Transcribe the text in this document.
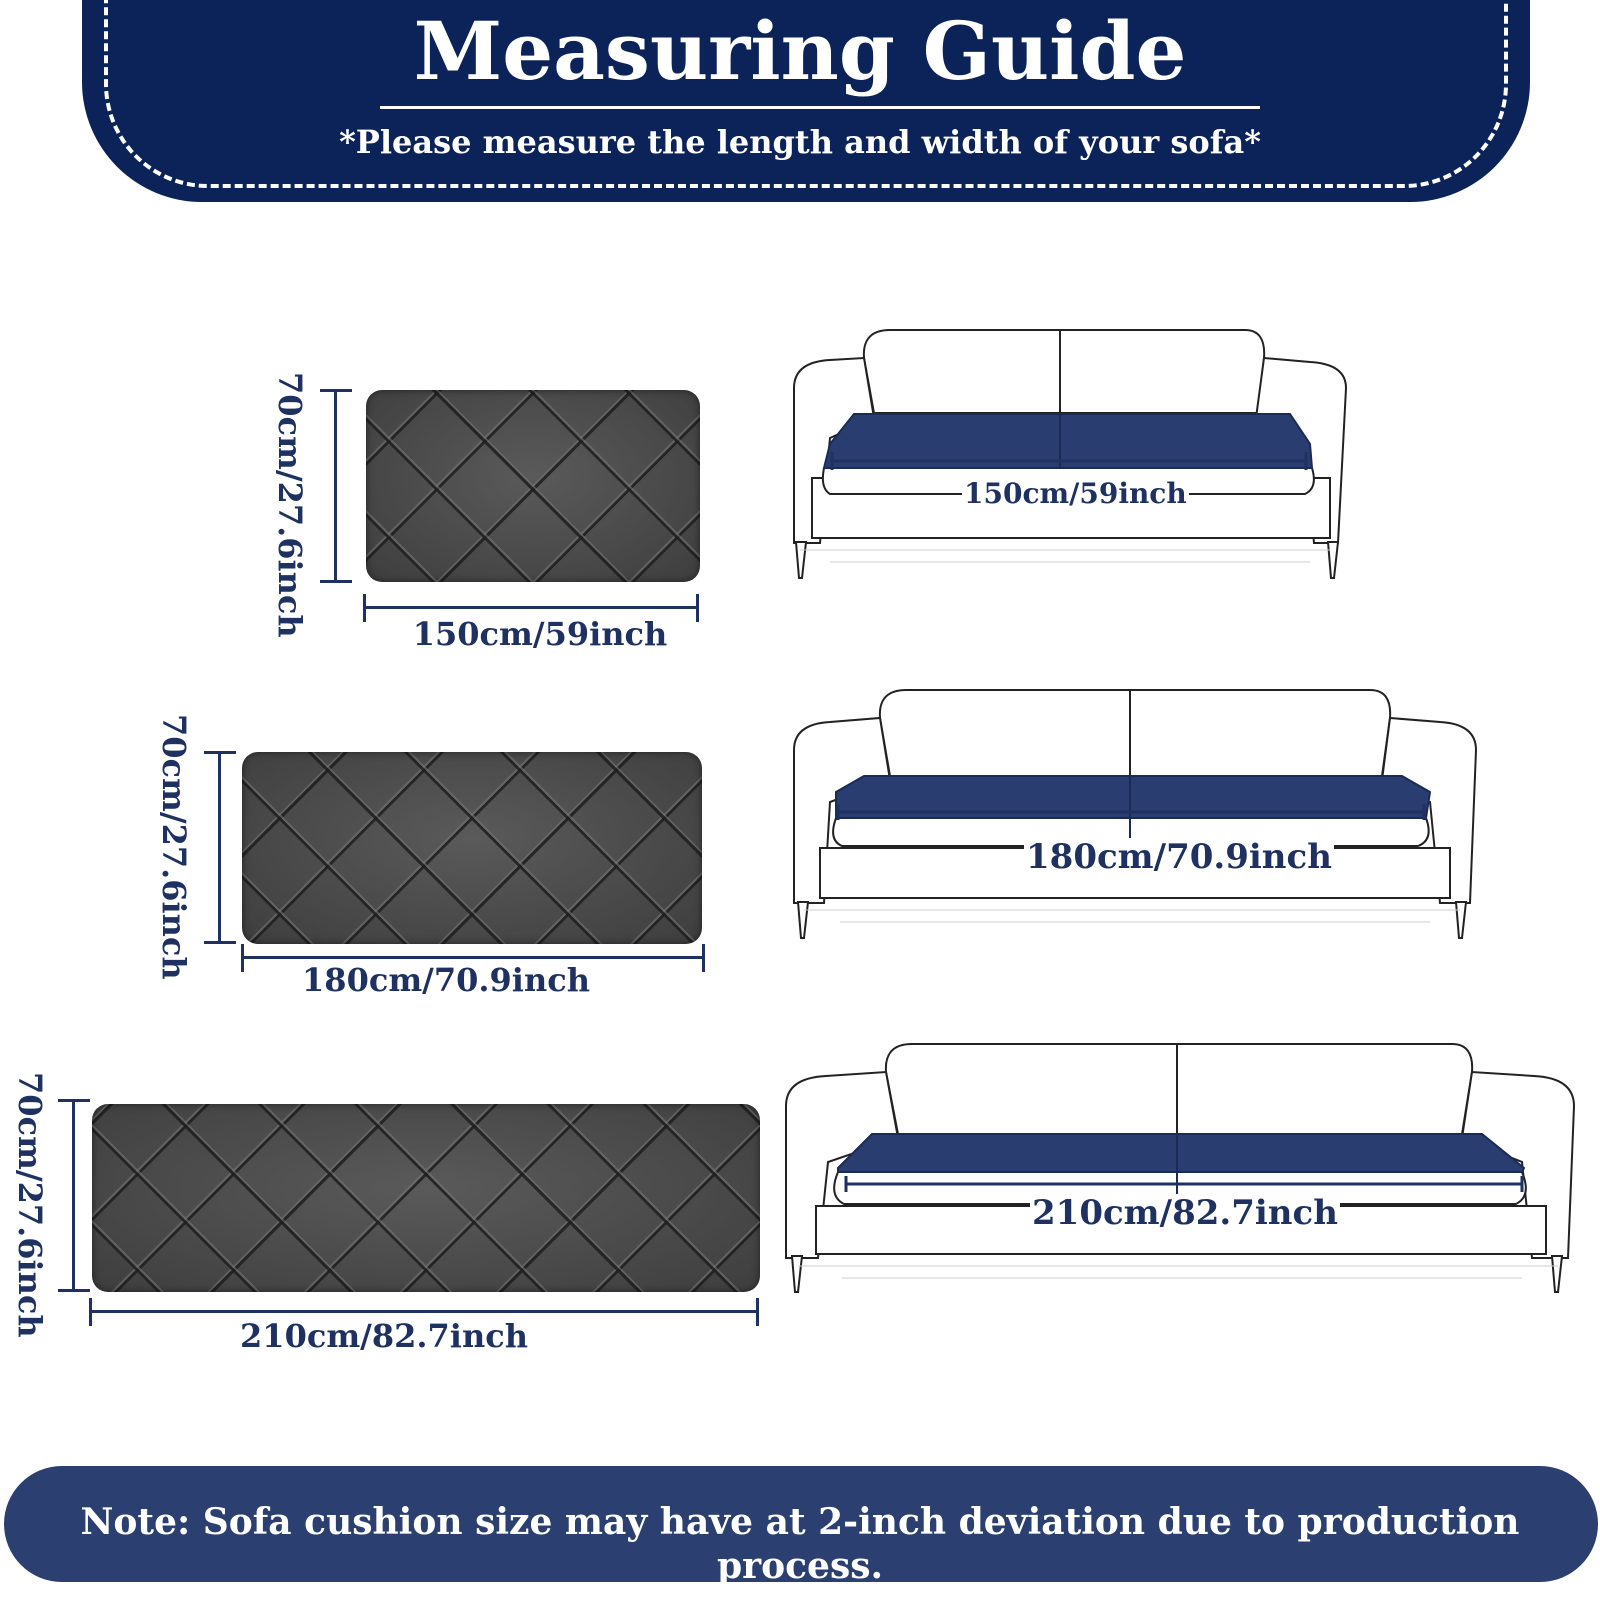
Measuring Guide
*Please measure the length and width of your sofa*
70cm/27.6inch	150cm/59inch
150cm/59inch
70cm/27.6inch
180cm/70.9inch
180cm/70.9inch
70cm/27.6inch	210cm/82.7inch
210cm/82.7inch
Note: Sofa cushion size may have at 2-inch deviation due to production process.
